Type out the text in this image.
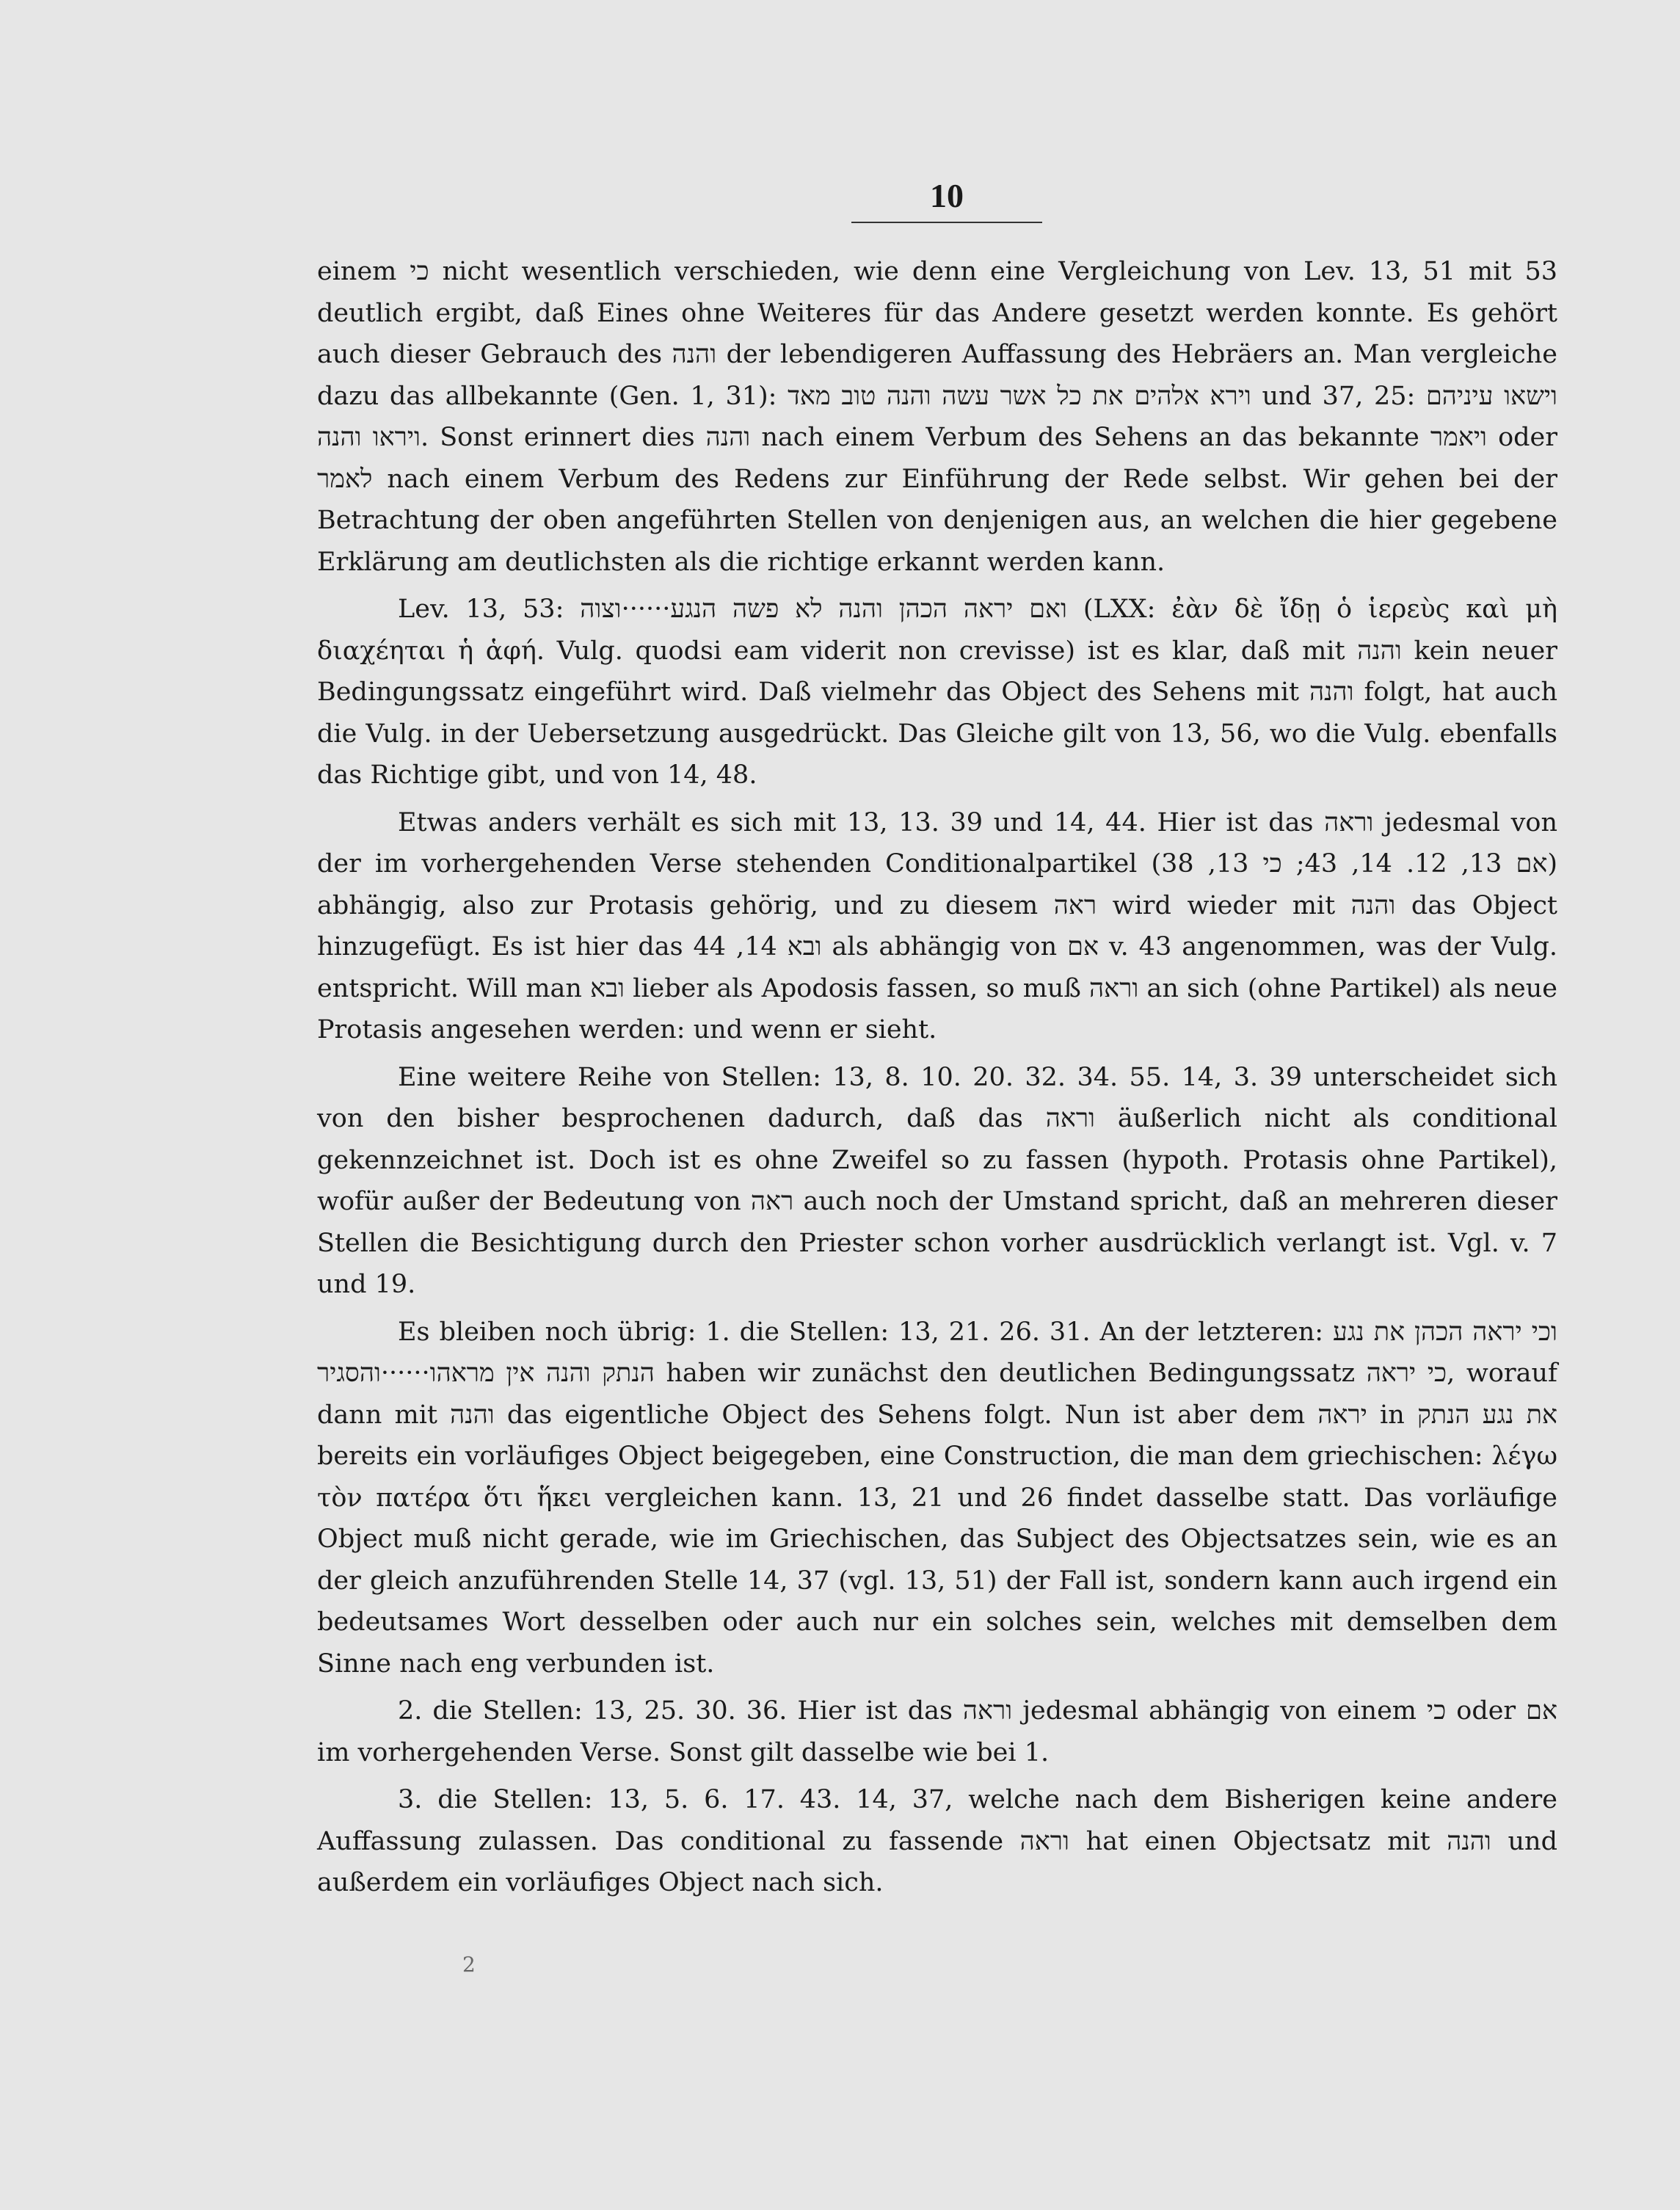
10

einem כי nicht wesentlich verschieden, wie denn eine Vergleichung von Lev. 13, 51 mit 53 deutlich ergibt, daß Eines ohne Weiteres für das Andere gesetzt werden konnte. Es gehört auch dieser Gebrauch des והנה der lebendigeren Auffassung des Hebräers an. Man vergleiche dazu das allbekannte (Gen. 1, 31): וירא אלהים את כל אשר עשה והנה טוב מאד und 37, 25: וישאו עיניהם ויראו והנה. Sonst erinnert dies והנה nach einem Verbum des Sehens an das bekannte ויאמר oder לאמר nach einem Verbum des Redens zur Einführung der Rede selbst. Wir gehen bei der Betrachtung der oben angeführten Stellen von denjenigen aus, an welchen die hier gegebene Erklärung am deutlichsten als die richtige erkannt werden kann.

Lev. 13, 53: ואם יראה הכהן והנה לא פשה הנגע······וצוה (LXX: ἐὰν δὲ ἴδῃ ὁ ἱερεὺς καὶ μὴ διαχέηται ἡ ἁφή. Vulg. quodsi eam viderit non crevisse) ist es klar, daß mit והנה kein neuer Bedingungssatz eingeführt wird. Daß vielmehr das Object des Sehens mit והנה folgt, hat auch die Vulg. in der Uebersetzung ausgedrückt. Das Gleiche gilt von 13, 56, wo die Vulg. ebenfalls das Richtige gibt, und von 14, 48.

Etwas anders verhält es sich mit 13, 13. 39 und 14, 44. Hier ist das וראה jedesmal von der im vorhergehenden Verse stehenden Conditionalpartikel (אם 13, 12. 14, 43; כי 13, 38) abhängig, also zur Protasis gehörig, und zu diesem ראה wird wieder mit והנה das Object hinzugefügt. Es ist hier das ובא 14, 44 als abhängig von אם v. 43 angenommen, was der Vulg. entspricht. Will man ובא lieber als Apodosis fassen, so muß וראה an sich (ohne Partikel) als neue Protasis angesehen werden: und wenn er sieht.

Eine weitere Reihe von Stellen: 13, 8. 10. 20. 32. 34. 55. 14, 3. 39 unterscheidet sich von den bisher besprochenen dadurch, daß das וראה äußerlich nicht als conditional gekennzeichnet ist. Doch ist es ohne Zweifel so zu fassen (hypoth. Protasis ohne Partikel), wofür außer der Bedeutung von ראה auch noch der Umstand spricht, daß an mehreren dieser Stellen die Besichtigung durch den Priester schon vorher ausdrücklich verlangt ist. Vgl. v. 7 und 19.

Es bleiben noch übrig: 1. die Stellen: 13, 21. 26. 31. An der letzteren: וכי יראה הכהן את נגע הנתק והנה אין מראהו······והסגיר haben wir zunächst den deutlichen Bedingungssatz כי יראה, worauf dann mit והנה das eigentliche Object des Sehens folgt. Nun ist aber dem יראה in את נגע הנתק bereits ein vorläufiges Object beigegeben, eine Construction, die man dem griechischen: λέγω τὸν πατέρα ὅτι ἥκει vergleichen kann. 13, 21 und 26 findet dasselbe statt. Das vorläufige Object muß nicht gerade, wie im Griechischen, das Subject des Objectsatzes sein, wie es an der gleich anzuführenden Stelle 14, 37 (vgl. 13, 51) der Fall ist, sondern kann auch irgend ein bedeutsames Wort desselben oder auch nur ein solches sein, welches mit demselben dem Sinne nach eng verbunden ist.

2. die Stellen: 13, 25. 30. 36. Hier ist das וראה jedesmal abhängig von einem כי oder אם im vorhergehenden Verse. Sonst gilt dasselbe wie bei 1.

3. die Stellen: 13, 5. 6. 17. 43. 14, 37, welche nach dem Bisherigen keine andere Auffassung zulassen. Das conditional zu fassende וראה hat einen Objectsatz mit והנה und außerdem ein vorläufiges Object nach sich.

2
